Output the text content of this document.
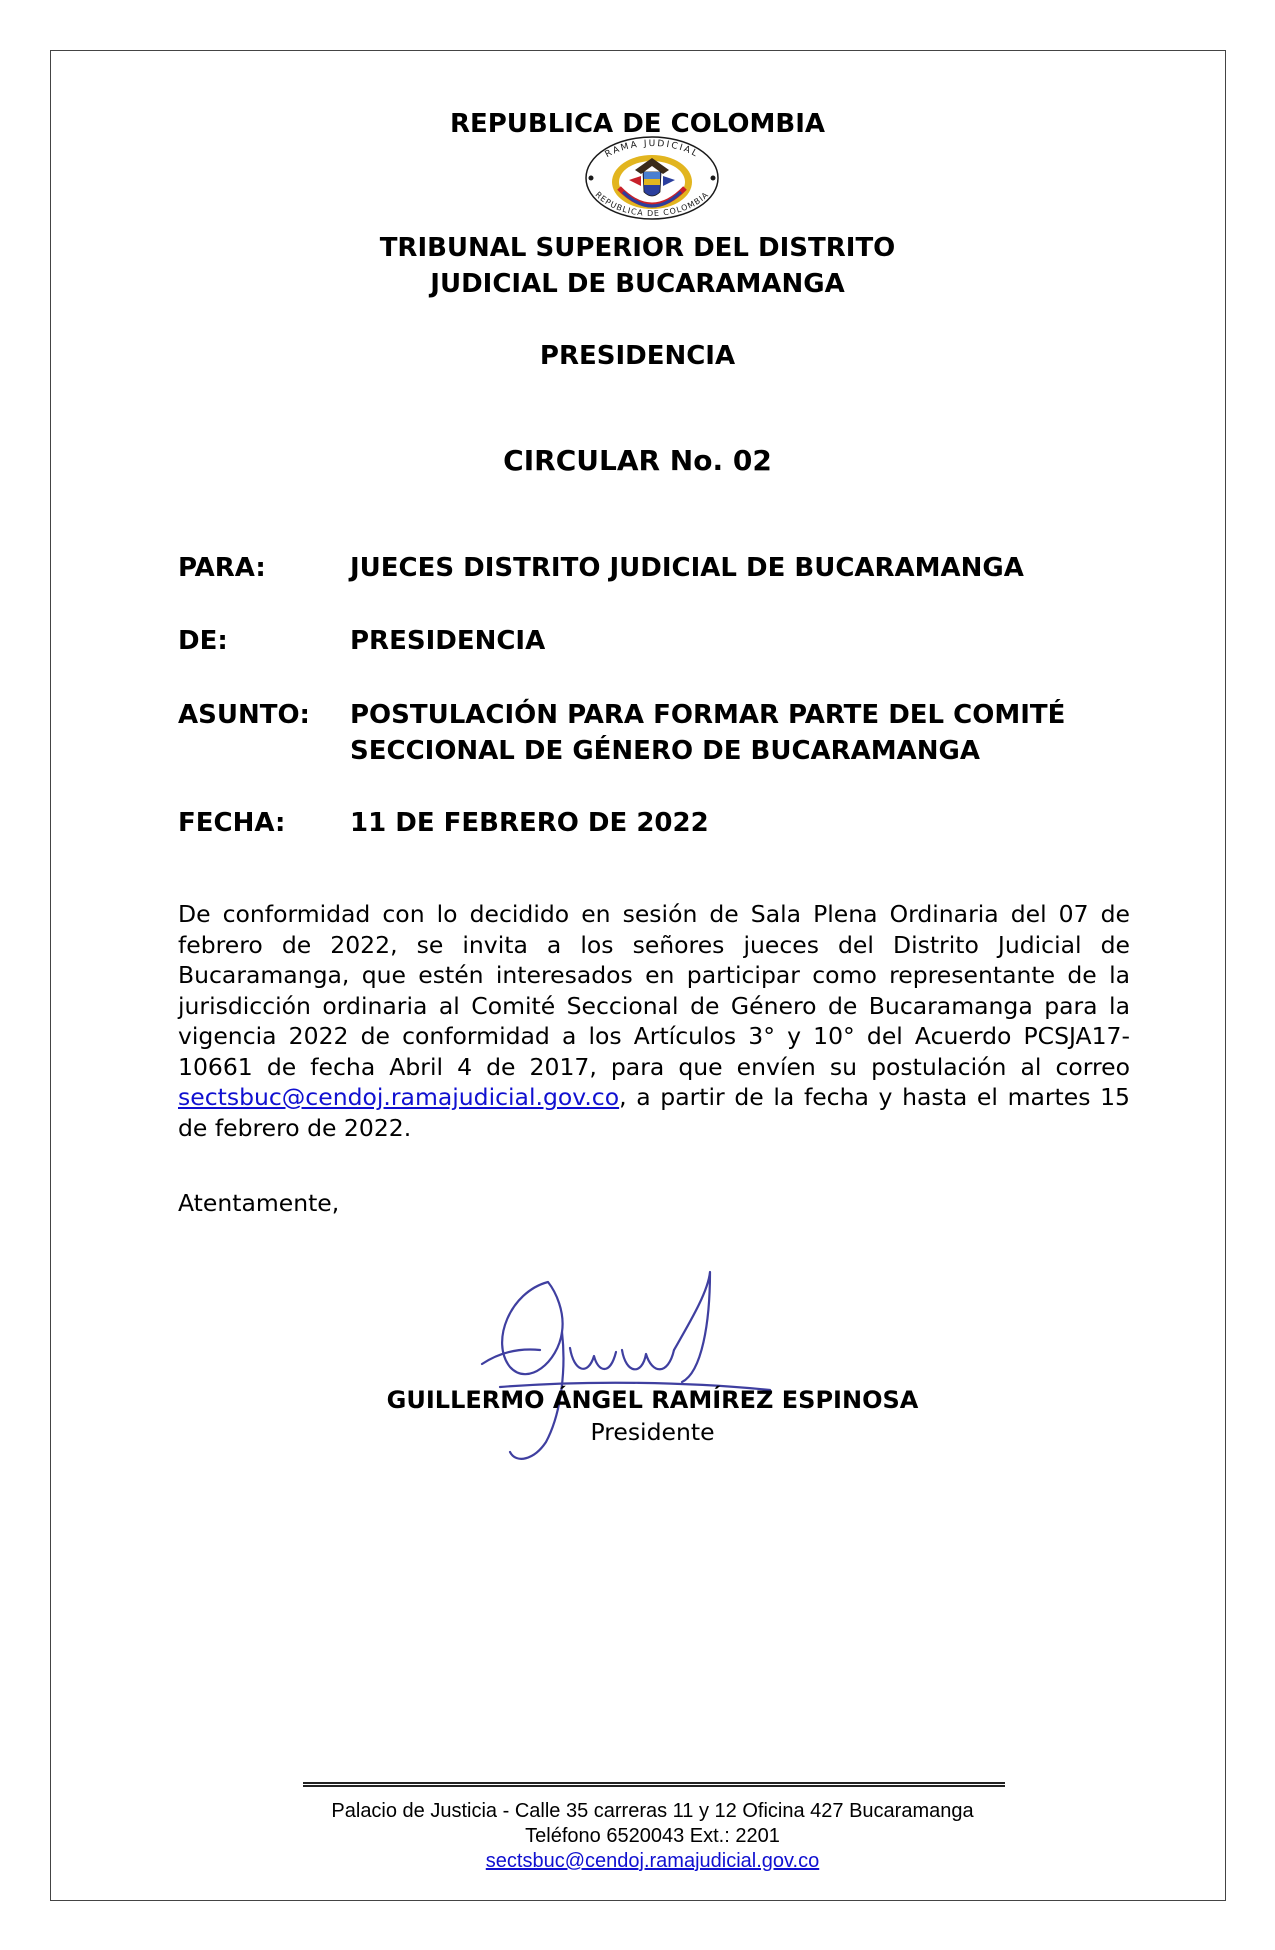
REPUBLICA DE COLOMBIA
RAMA JUDICIAL
REPUBLICA DE COLOMBIA
TRIBUNAL SUPERIOR DEL DISTRITO
JUDICIAL DE BUCARAMANGA
PRESIDENCIA
CIRCULAR No. 02
PARA:	JUECES DISTRITO JUDICIAL DE BUCARAMANGA
DE:	PRESIDENCIA
ASUNTO: POSTULACIÓN PARA FORMAR PARTE DEL COMITÉ
SECCIONAL DE GÉNERO DE BUCARAMANGA
FECHA: 11 DE FEBRERO DE 2022
De conformidad con lo decidido en sesión de Sala Plena Ordinaria del 07 de febrero de 2022, se invita a los señores jueces del Distrito Judicial de Bucaramanga, que estén interesados en participar como representante de la jurisdicción ordinaria al Comité Seccional de Género de Bucaramanga para la vigencia 2022 de conformidad a los Artículos 3° y 10° del Acuerdo PCSJA17-10661 de fecha Abril 4 de 2017, para que envíen su postulación al correo sectsbuc@cendoj.ramajudicial.gov.co, a partir de la fecha y hasta el martes 15 de febrero de 2022.
Atentamente,
GUILLERMO ÁNGEL RAMÍREZ ESPINOSA
Presidente
Palacio de Justicia - Calle 35 carreras 11 y 12 Oficina 427 Bucaramanga
Teléfono 6520043 Ext.: 2201
sectsbuc@cendoj.ramajudicial.gov.co
